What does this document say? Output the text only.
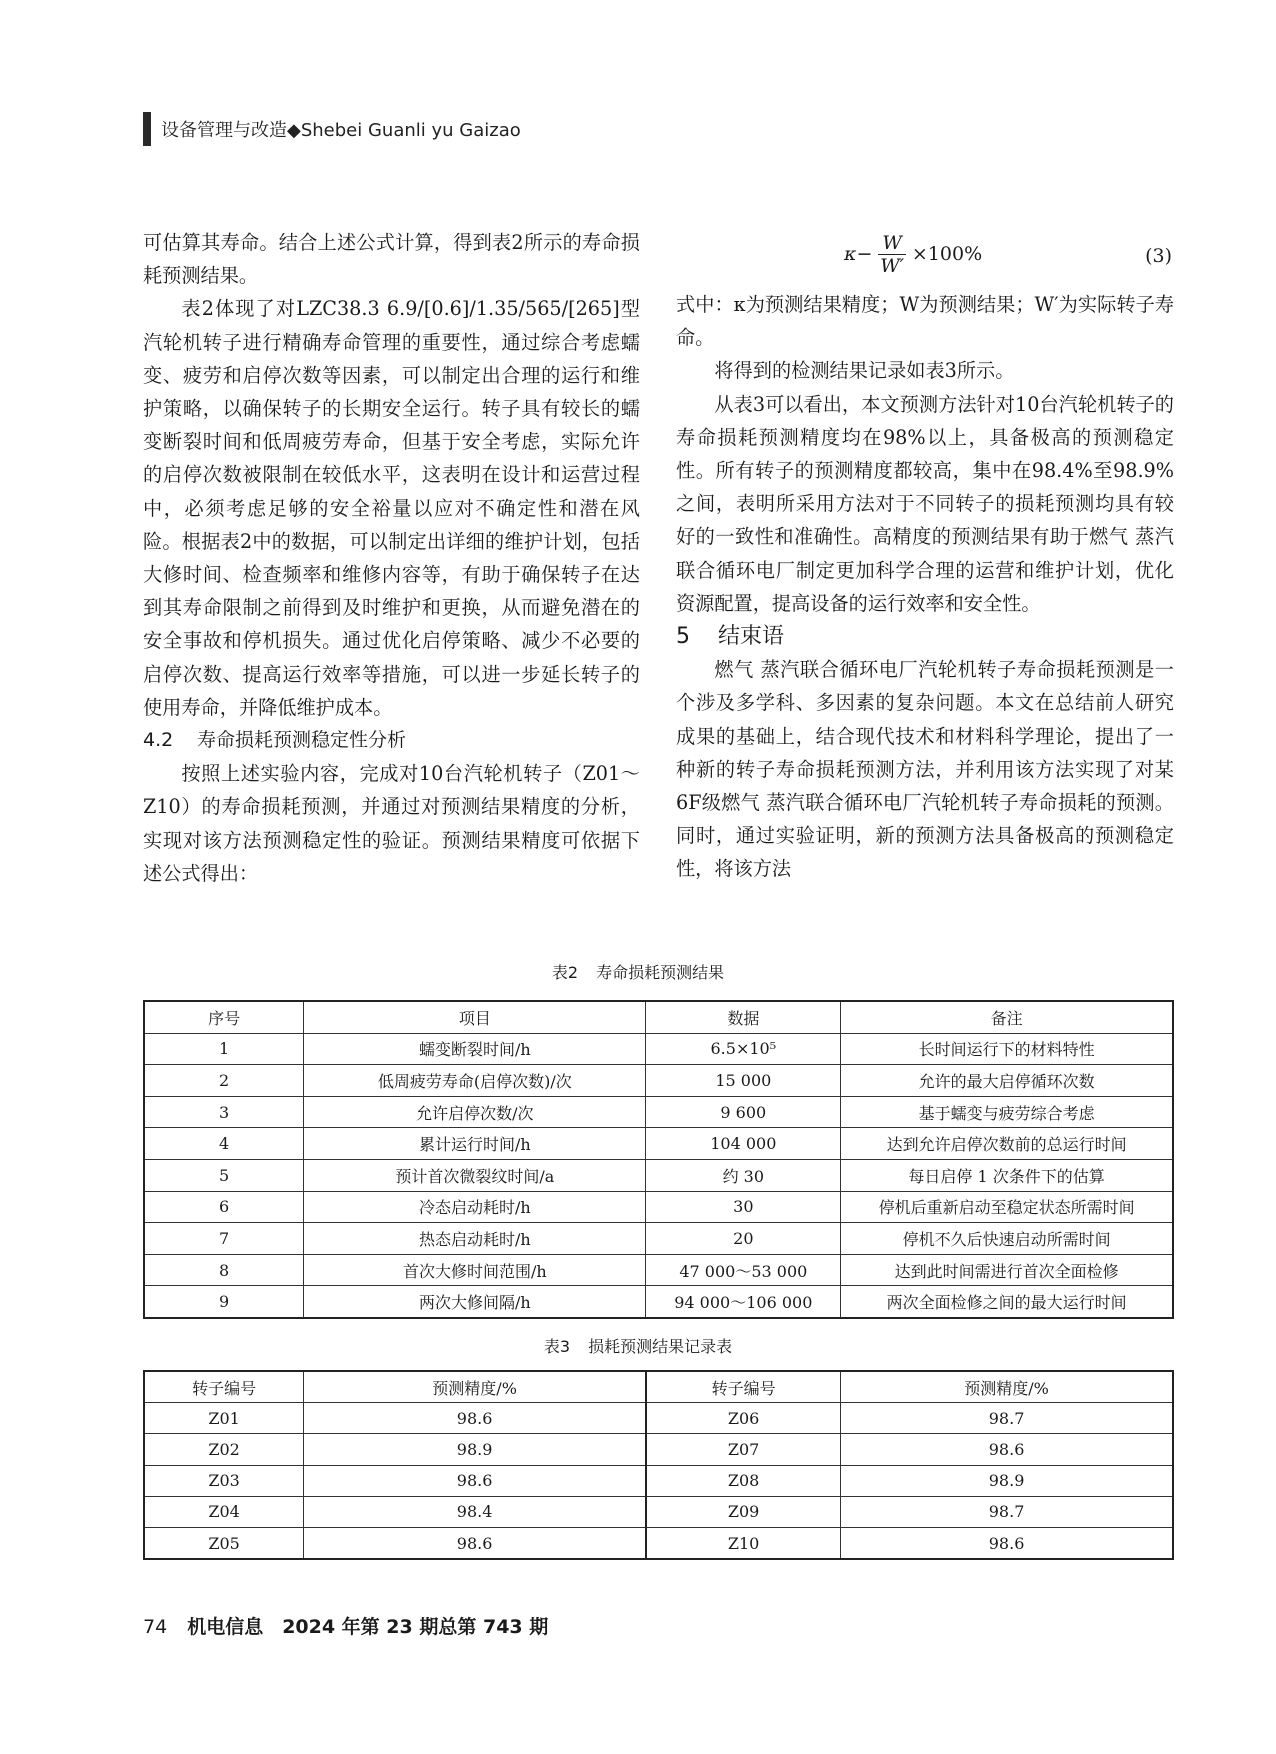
设备管理与改造◆Shebei Guanli yu Gaizao

可估算其寿命。结合上述公式计算，得到表2所示的寿命损耗预测结果。

表2体现了对LZC38.3 6.9/[0.6]/1.35/565/[265]型汽轮机转子进行精确寿命管理的重要性，通过综合考虑蠕变、疲劳和启停次数等因素，可以制定出合理的运行和维护策略，以确保转子的长期安全运行。转子具有较长的蠕变断裂时间和低周疲劳寿命，但基于安全考虑，实际允许的启停次数被限制在较低水平，这表明在设计和运营过程中，必须考虑足够的安全裕量以应对不确定性和潜在风险。根据表2中的数据，可以制定出详细的维护计划，包括大修时间、检查频率和维修内容等，有助于确保转子在达到其寿命限制之前得到及时维护和更换，从而避免潜在的安全事故和停机损失。通过优化启停策略、减少不必要的启停次数、提高运行效率等措施，可以进一步延长转子的使用寿命，并降低维护成本。

4.2 寿命损耗预测稳定性分析

按照上述实验内容，完成对10台汽轮机转子（Z01～Z10）的寿命损耗预测，并通过对预测结果精度的分析，实现对该方法预测稳定性的验证。预测结果精度可依据下述公式得出：

$\kappa- \frac{W}{W'} \times 100\%$	(3)

式中：κ为预测结果精度；W为预测结果；W′为实际转子寿命。

将得到的检测结果记录如表3所示。

从表3可以看出，本文预测方法针对10台汽轮机转子的寿命损耗预测精度均在98%以上，具备极高的预测稳定性。所有转子的预测精度都较高，集中在98.4%至98.9%之间，表明所采用方法对于不同转子的损耗预测均具有较好的一致性和准确性。高精度的预测结果有助于燃气 蒸汽联合循环电厂制定更加科学合理的运营和维护计划，优化资源配置，提高设备的运行效率和安全性。

5 结束语

燃气 蒸汽联合循环电厂汽轮机转子寿命损耗预测是一个涉及多学科、多因素的复杂问题。本文在总结前人研究成果的基础上，结合现代技术和材料科学理论，提出了一种新的转子寿命损耗预测方法，并利用该方法实现了对某6F级燃气 蒸汽联合循环电厂汽轮机转子寿命损耗的预测。同时，通过实验证明，新的预测方法具备极高的预测稳定性，将该方法

表2 寿命损耗预测结果
序号	项目	数据	备注
1	蠕变断裂时间/h	6.5×10⁵	长时间运行下的材料特性
2	低周疲劳寿命(启停次数)/次	15 000	允许的最大启停循环次数
3	允许启停次数/次	9 600	基于蠕变与疲劳综合考虑
4	累计运行时间/h	104 000	达到允许启停次数前的总运行时间
5	预计首次微裂纹时间/a	约 30	每日启停 1 次条件下的估算
6	冷态启动耗时/h	30	停机后重新启动至稳定状态所需时间
7	热态启动耗时/h	20	停机不久后快速启动所需时间
8	首次大修时间范围/h	47 000～53 000	达到此时间需进行首次全面检修
9	两次大修间隔/h	94 000～106 000	两次全面检修之间的最大运行时间
表3 损耗预测结果记录表
转子编号	预测精度/%	转子编号	预测精度/%
Z01	98.6	Z06	98.7
Z02	98.9	Z07	98.6
Z03	98.6	Z08	98.9
Z04	98.4	Z09	98.7
Z05	98.6	Z10	98.6
74 机电信息　2024 年第 23 期总第 743 期
